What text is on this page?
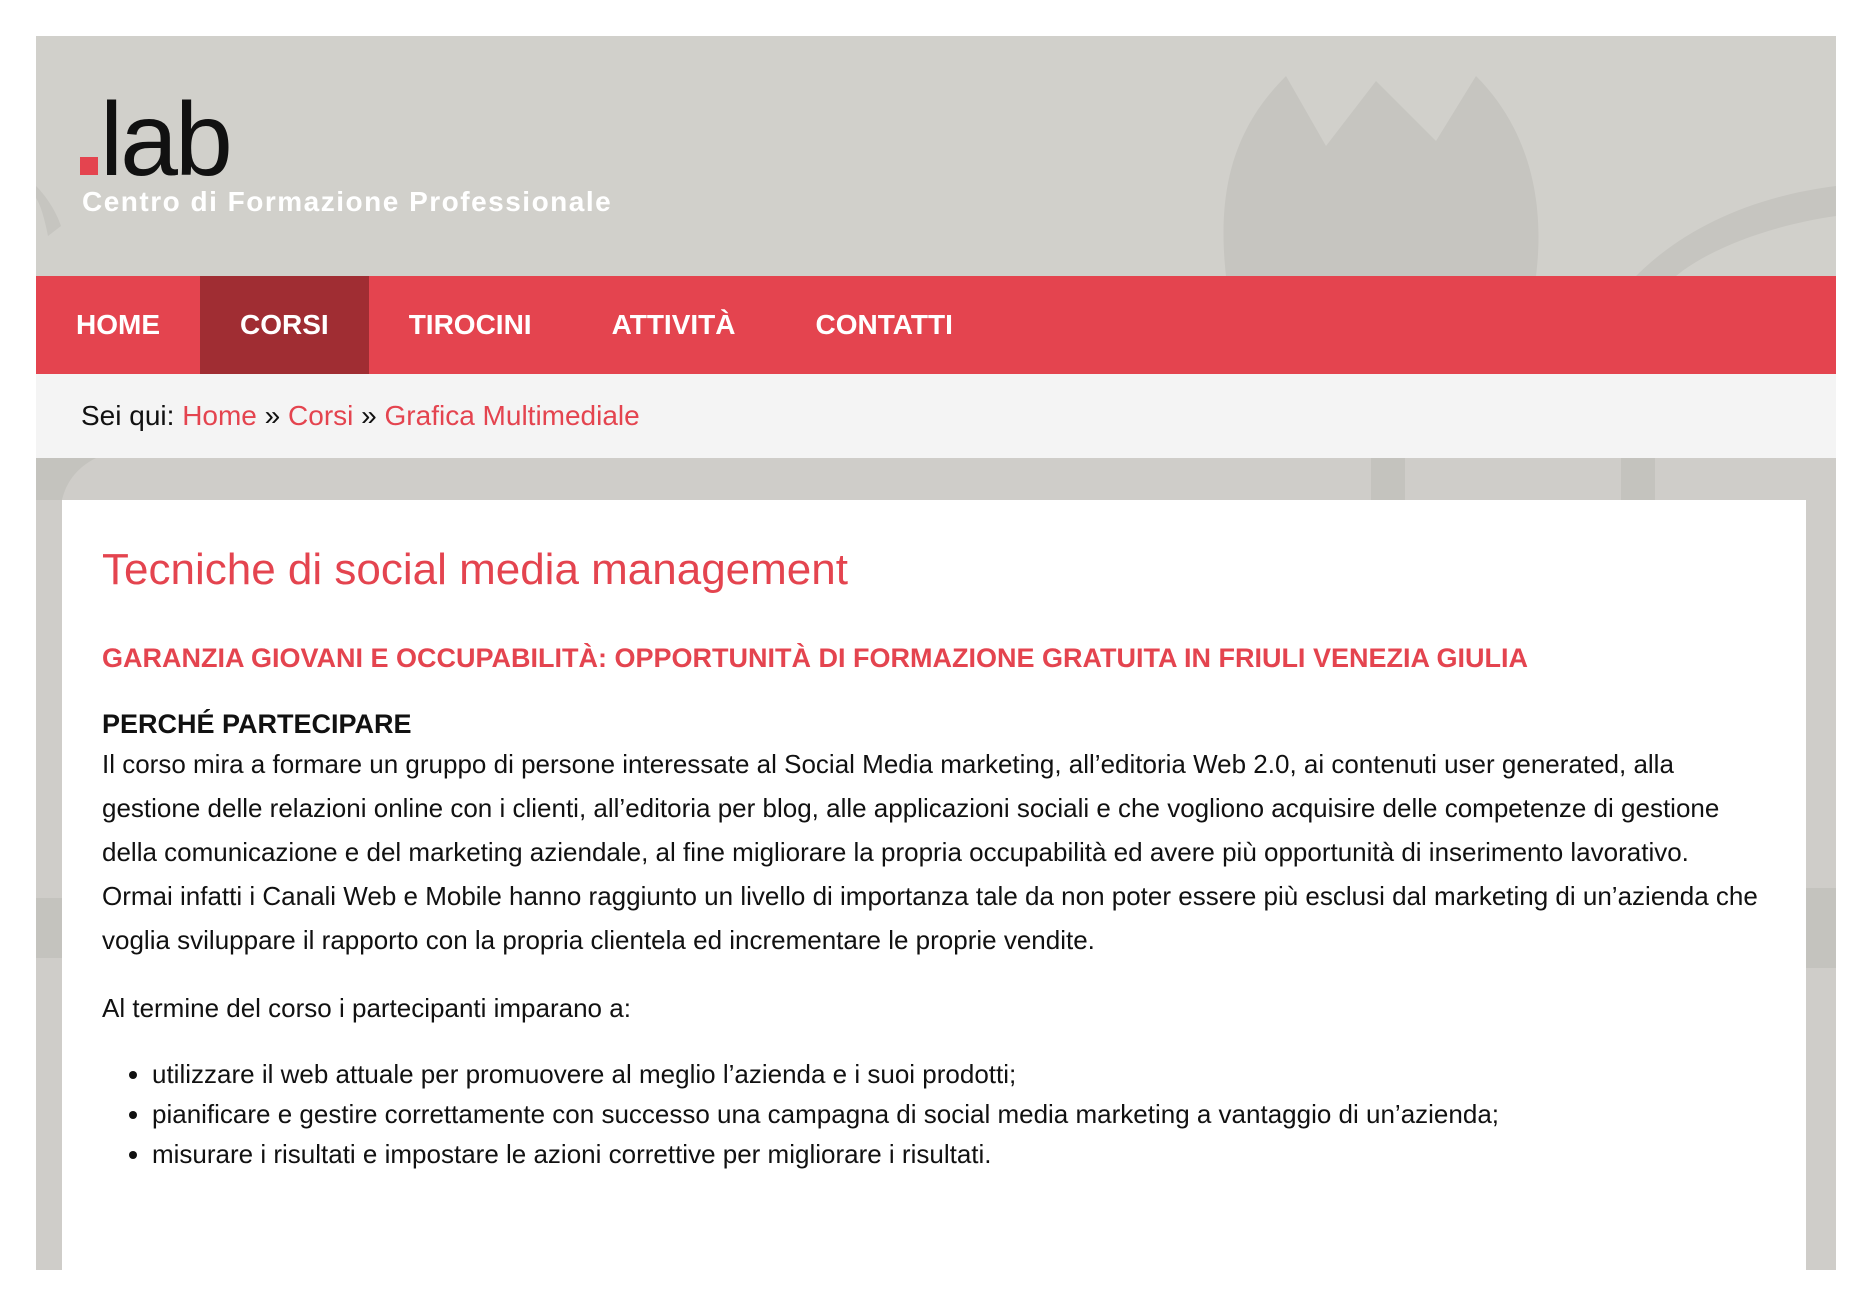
lab
Centro di Formazione Professionale
HOME	CORSI	TIROCINI	ATTIVITÀ	CONTATTI
Sei qui: Home » Corsi » Grafica Multimediale
Tecniche di social media management
GARANZIA GIOVANI E OCCUPABILITÀ: OPPORTUNITÀ DI FORMAZIONE GRATUITA IN FRIULI VENEZIA GIULIA
PERCHÉ PARTECIPARE

Il corso mira a formare un gruppo di persone interessate al Social Media marketing, all’editoria Web 2.0, ai contenuti user generated, alla gestione delle relazioni online con i clienti, all’editoria per blog, alle applicazioni sociali e che vogliono acquisire delle competenze di gestione della comunicazione e del marketing aziendale, al fine migliorare la propria occupabilità ed avere più opportunità di inserimento lavorativo. Ormai infatti i Canali Web e Mobile hanno raggiunto un livello di importanza tale da non poter essere più esclusi dal marketing di un’azienda che voglia sviluppare il rapporto con la propria clientela ed incrementare le proprie vendite.

Al termine del corso i partecipanti imparano a:

• utilizzare il web attuale per promuovere al meglio l’azienda e i suoi prodotti;
• pianificare e gestire correttamente con successo una campagna di social media marketing a vantaggio di un’azienda;
• misurare i risultati e impostare le azioni correttive per migliorare i risultati.
